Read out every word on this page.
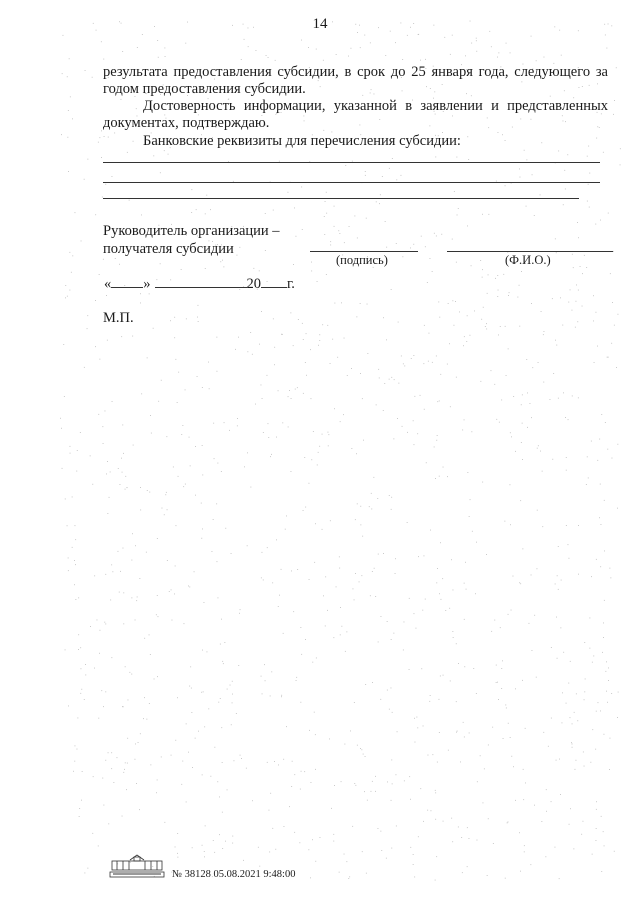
14
результата предоставления субсидии, в срок до 25 января года, следующего за годом предоставления субсидии.
Достоверность информации, указанной в заявлении и представленных документах, подтверждаю.
Банковские реквизиты для перечисления субсидии:
Руководитель организации –
получателя субсидии
(подпись)	(Ф.И.О.)
« »	20 г.
М.П.
№ 38128 05.08.2021 9:48:00
